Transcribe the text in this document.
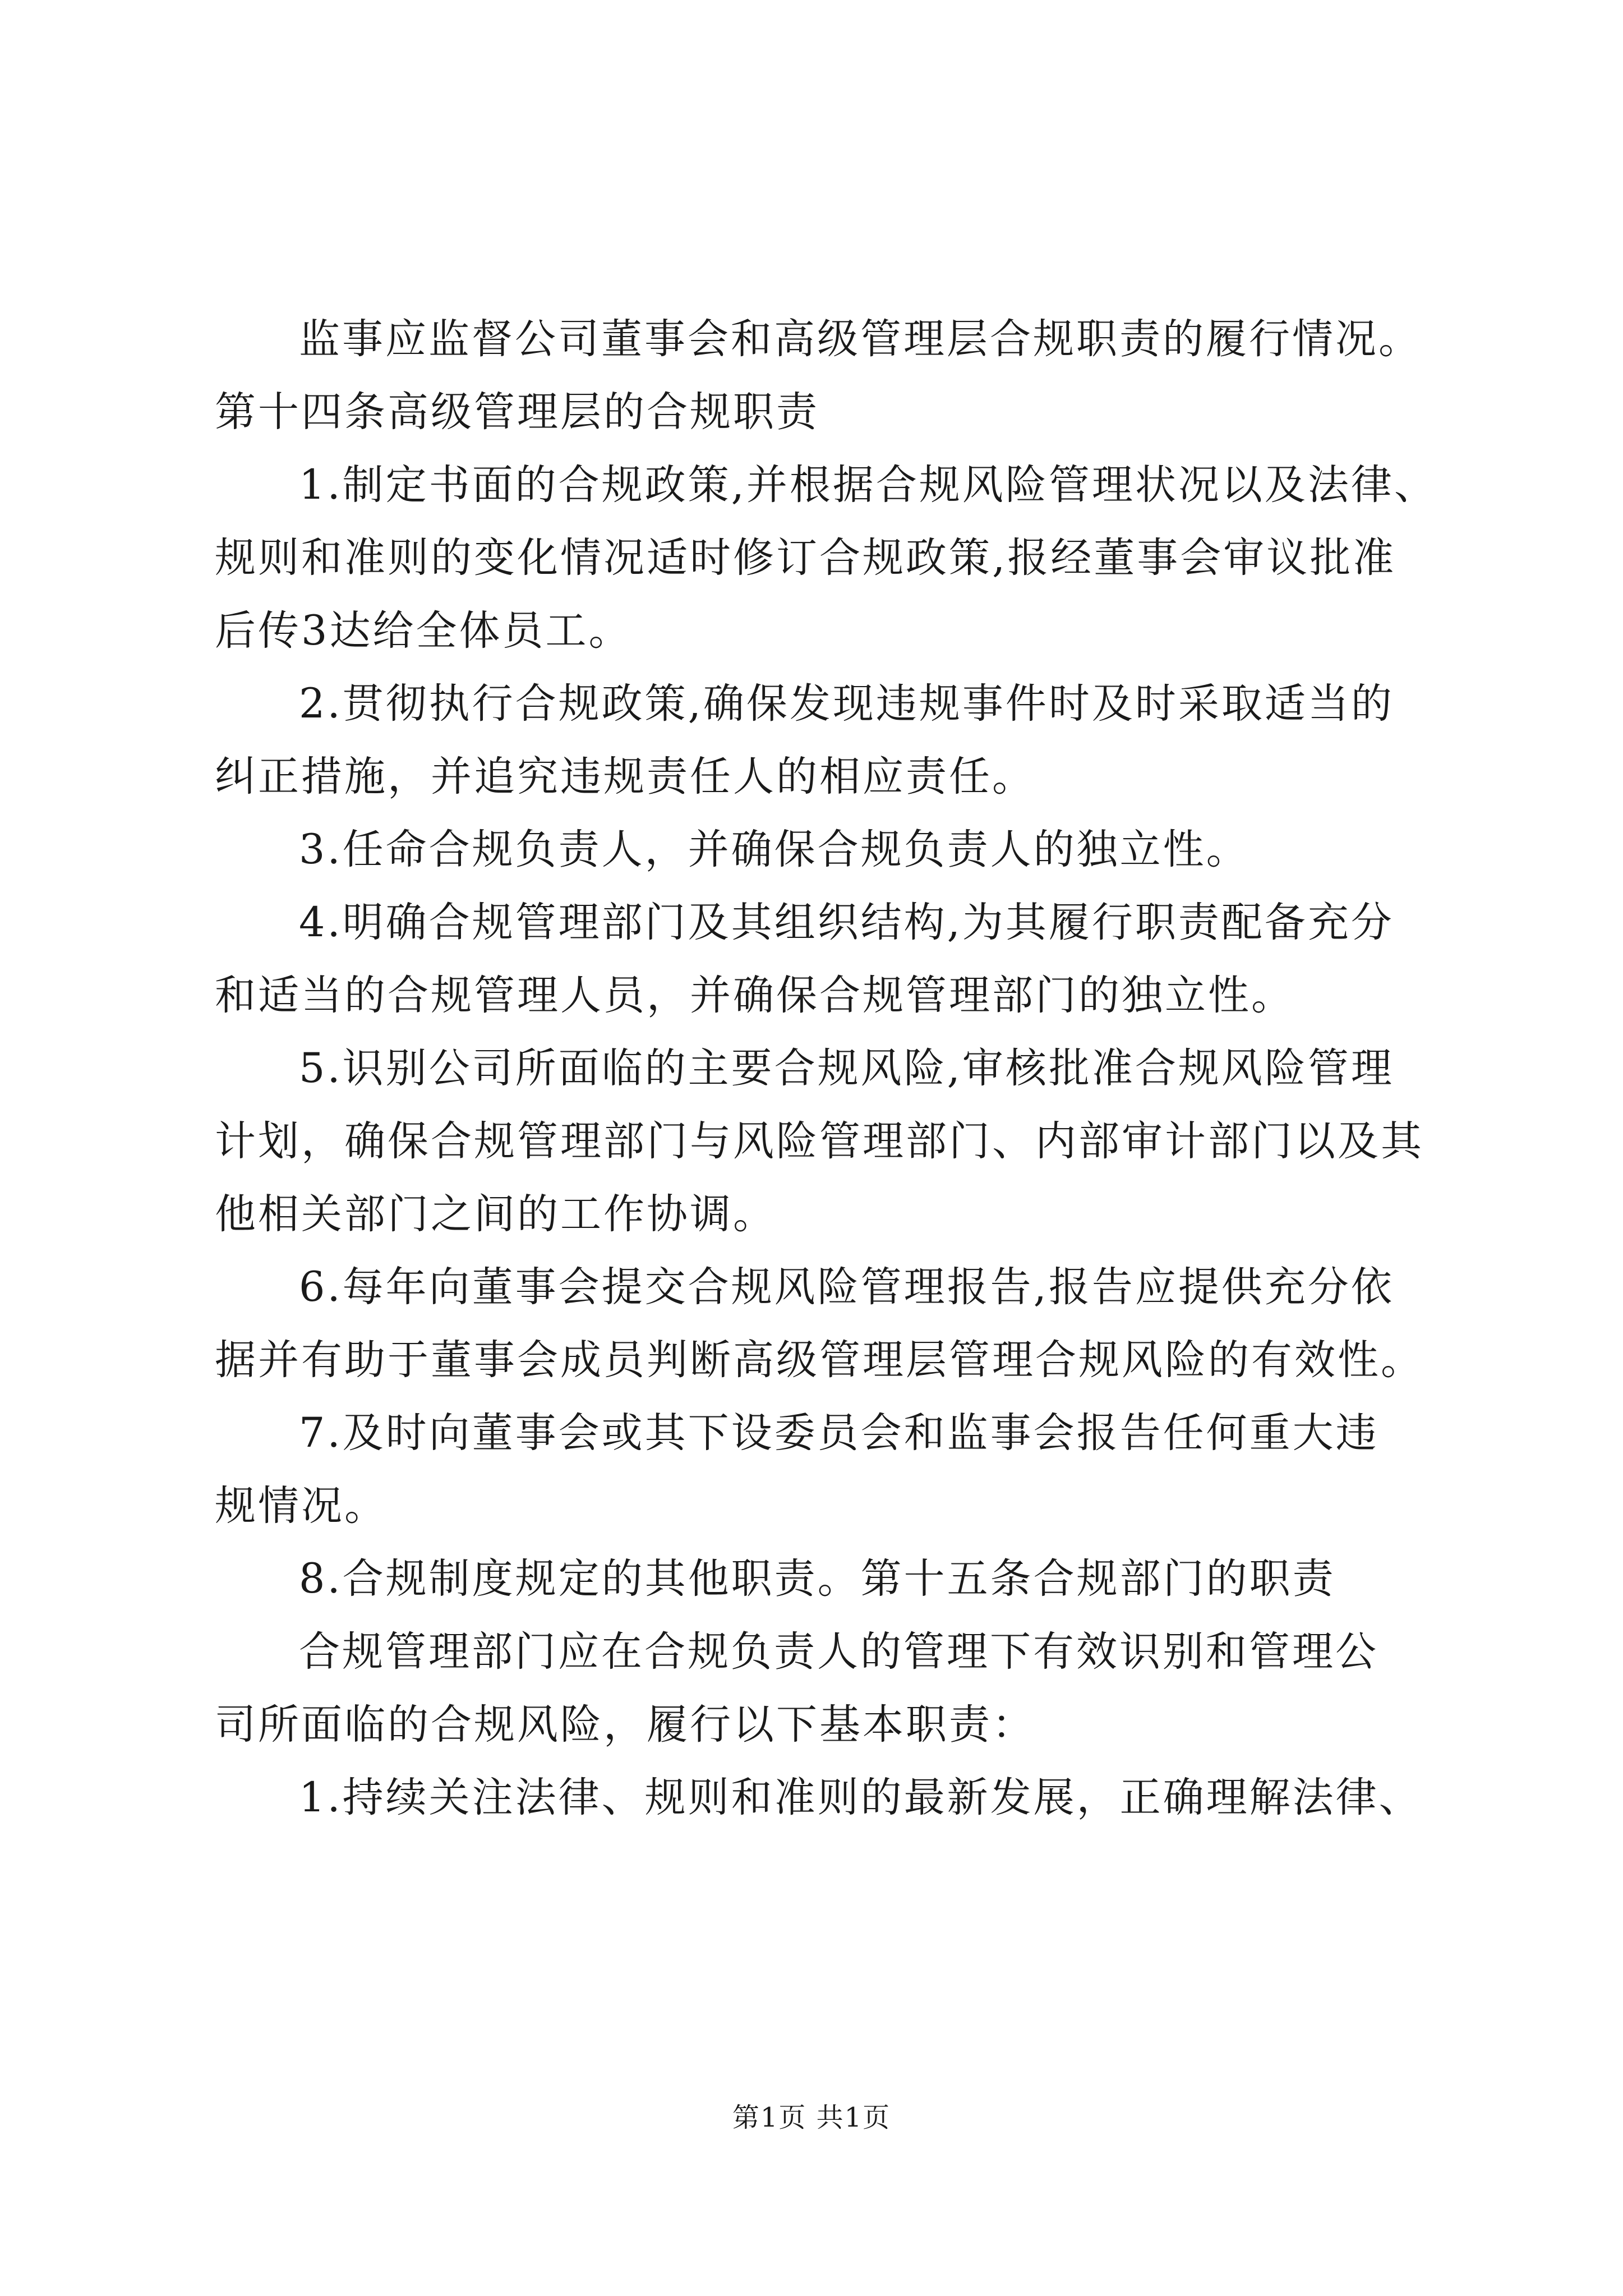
监事应监督公司董事会和高级管理层合规职责的履行情况。
第十四条高级管理层的合规职责
1.制定书面的合规政策,并根据合规风险管理状况以及法律、
规则和准则的变化情况适时修订合规政策,报经董事会审议批准
后传3达给全体员工。
2.贯彻执行合规政策,确保发现违规事件时及时采取适当的
纠正措施，并追究违规责任人的相应责任。
3.任命合规负责人，并确保合规负责人的独立性。
4.明确合规管理部门及其组织结构,为其履行职责配备充分
和适当的合规管理人员，并确保合规管理部门的独立性。
5.识别公司所面临的主要合规风险,审核批准合规风险管理
计划，确保合规管理部门与风险管理部门、内部审计部门以及其
他相关部门之间的工作协调。
6.每年向董事会提交合规风险管理报告,报告应提供充分依
据并有助于董事会成员判断高级管理层管理合规风险的有效性。
7.及时向董事会或其下设委员会和监事会报告任何重大违
规情况。
8.合规制度规定的其他职责。第十五条合规部门的职责
合规管理部门应在合规负责人的管理下有效识别和管理公
司所面临的合规风险，履行以下基本职责：
1.持续关注法律、规则和准则的最新发展，正确理解法律、
第1页 共1页
